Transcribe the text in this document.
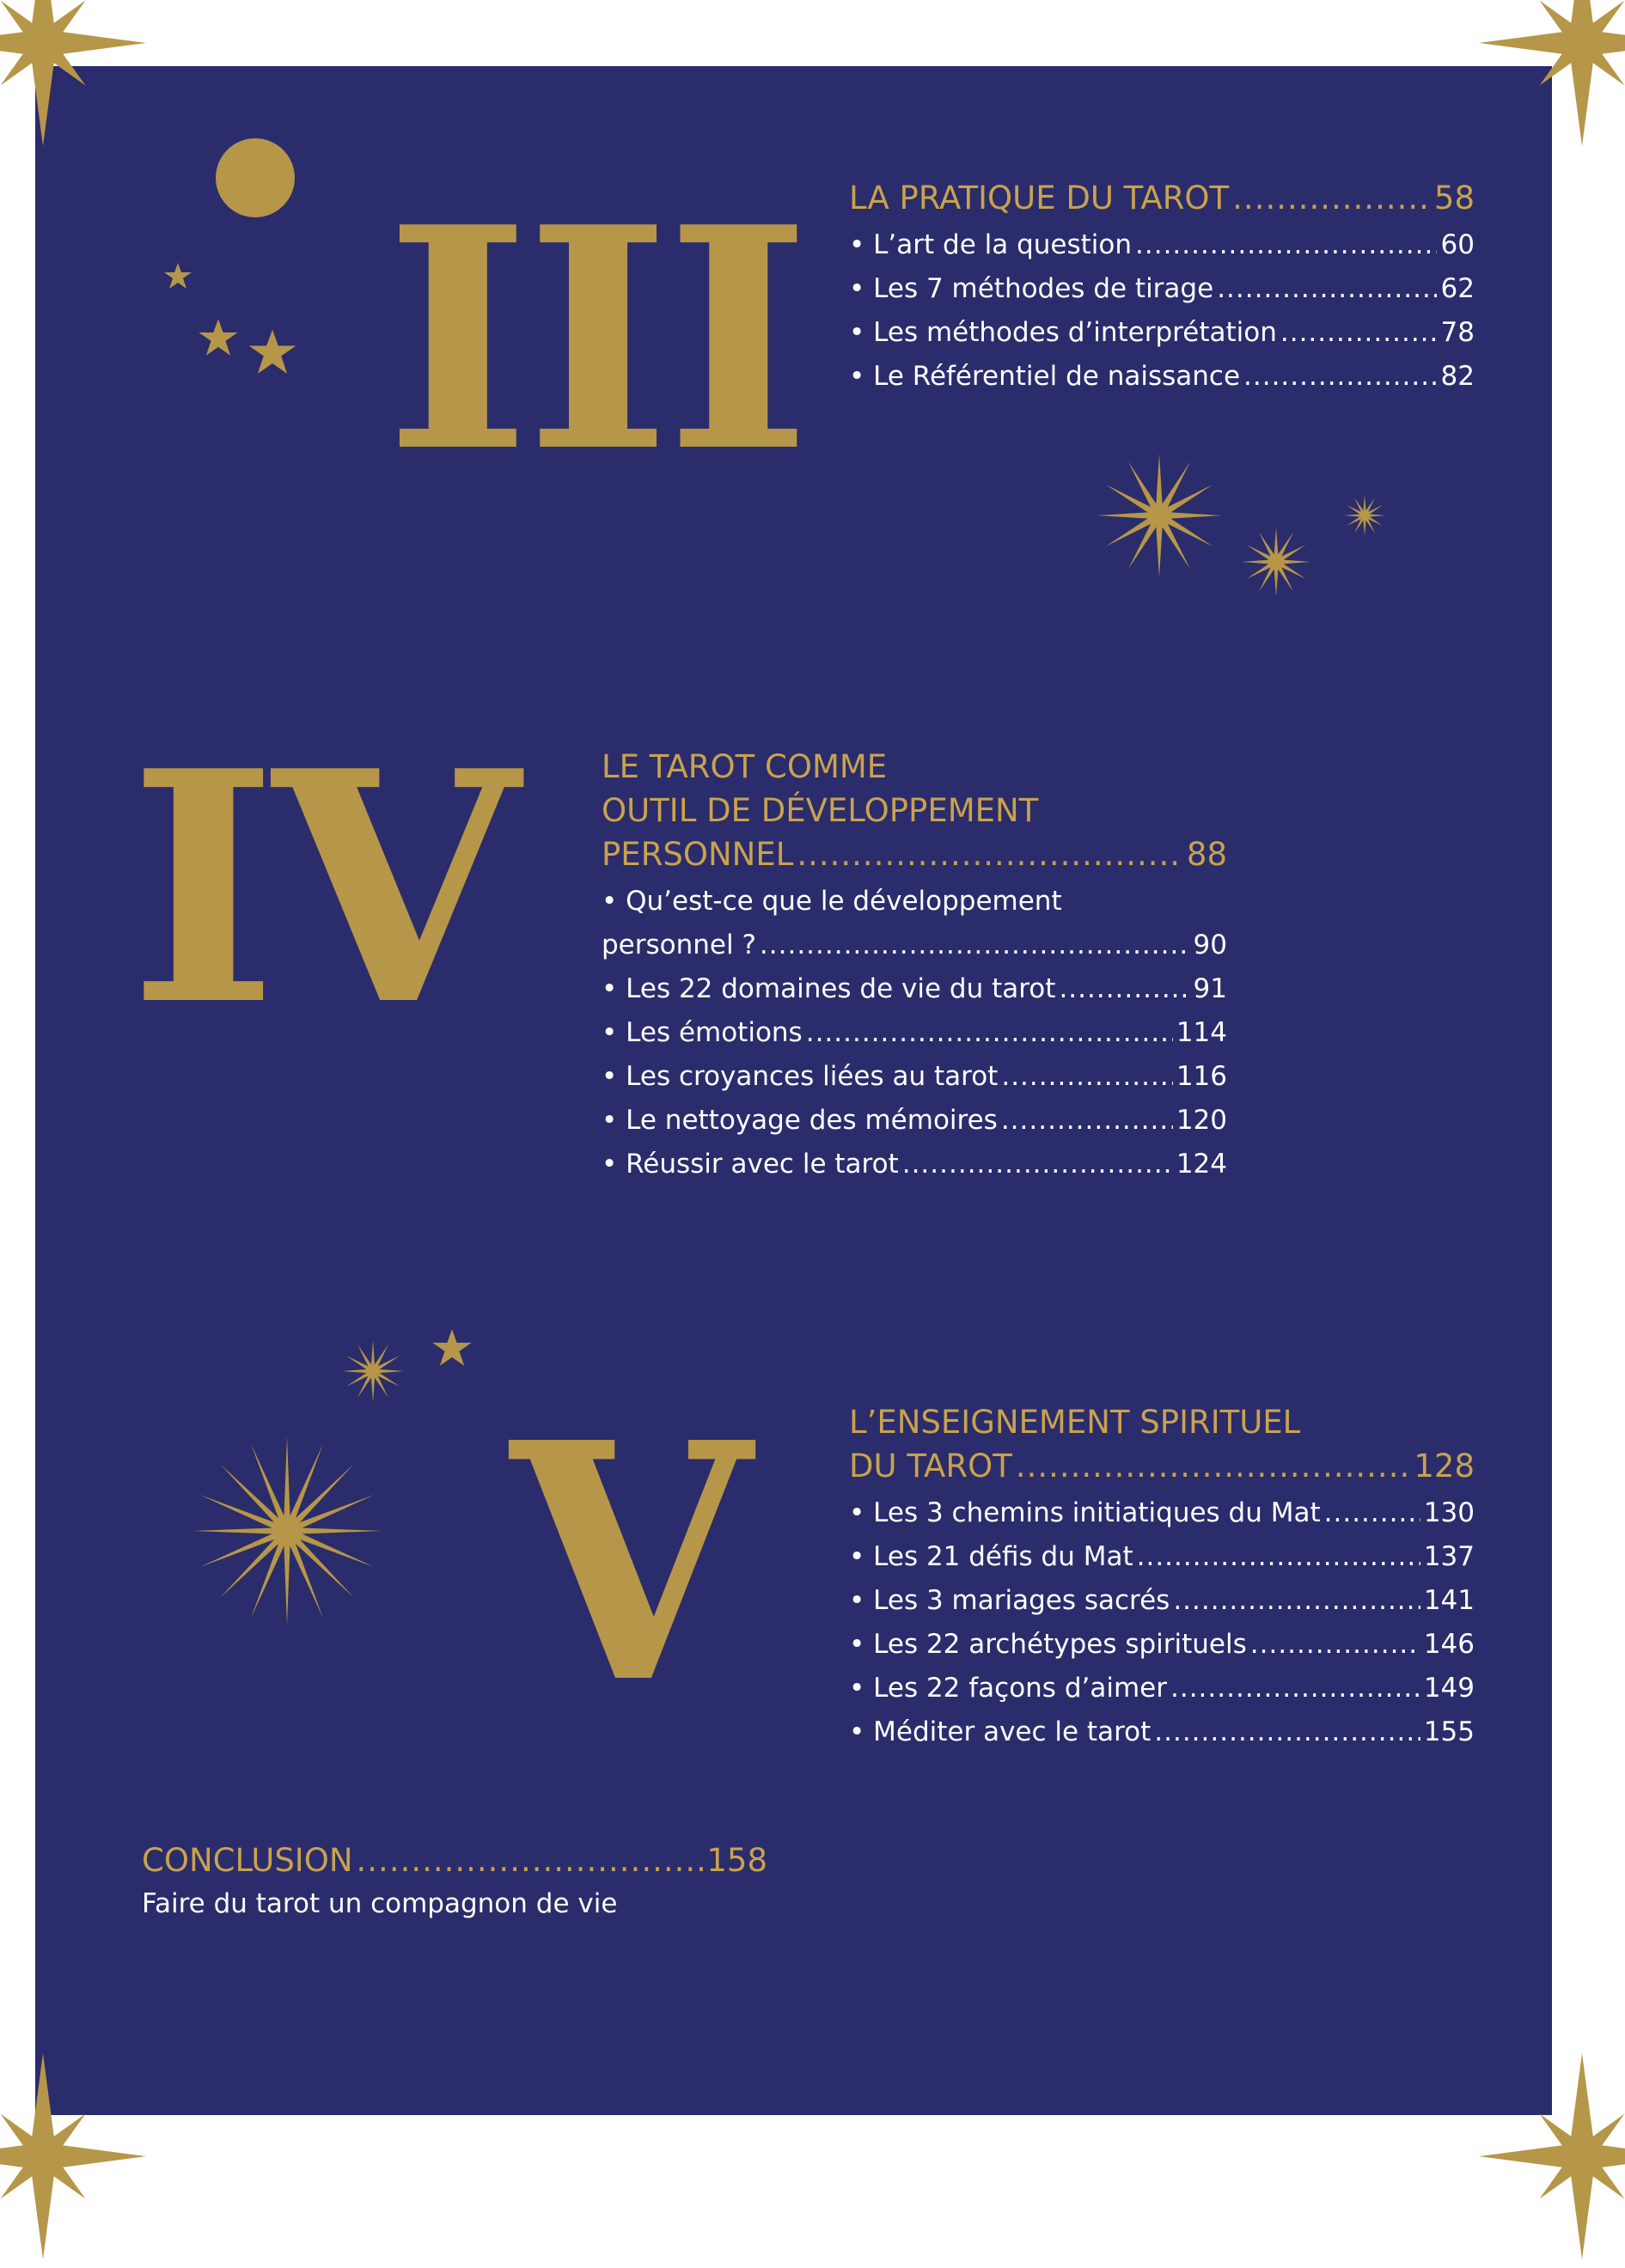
III
IV
V
LA PRATIQUE DU TAROT .....	58
• L’art de la question .....	60
• Les 7 méthodes de tirage .....	62
• Les méthodes d’interprétation .....	78
• Le Référentiel de naissance .....	82
LE TAROT COMME
OUTIL DE DÉVELOPPEMENT
PERSONNEL .....	88
• Qu’est-ce que le développement
personnel ? .....	90
• Les 22 domaines de vie du tarot .....	91
• Les émotions .....	114
• Les croyances liées au tarot .....	116
• Le nettoyage des mémoires .....	120
• Réussir avec le tarot .....	124
L’ENSEIGNEMENT SPIRITUEL
DU TAROT .....	128
• Les 3 chemins initiatiques du Mat .....	130
• Les 21 défis du Mat .....	137
• Les 3 mariages sacrés .....	141
• Les 22 archétypes spirituels .....	146
• Les 22 façons d’aimer .....	149
• Méditer avec le tarot .....	155
CONCLUSION .....	158
Faire du tarot un compagnon de vie
